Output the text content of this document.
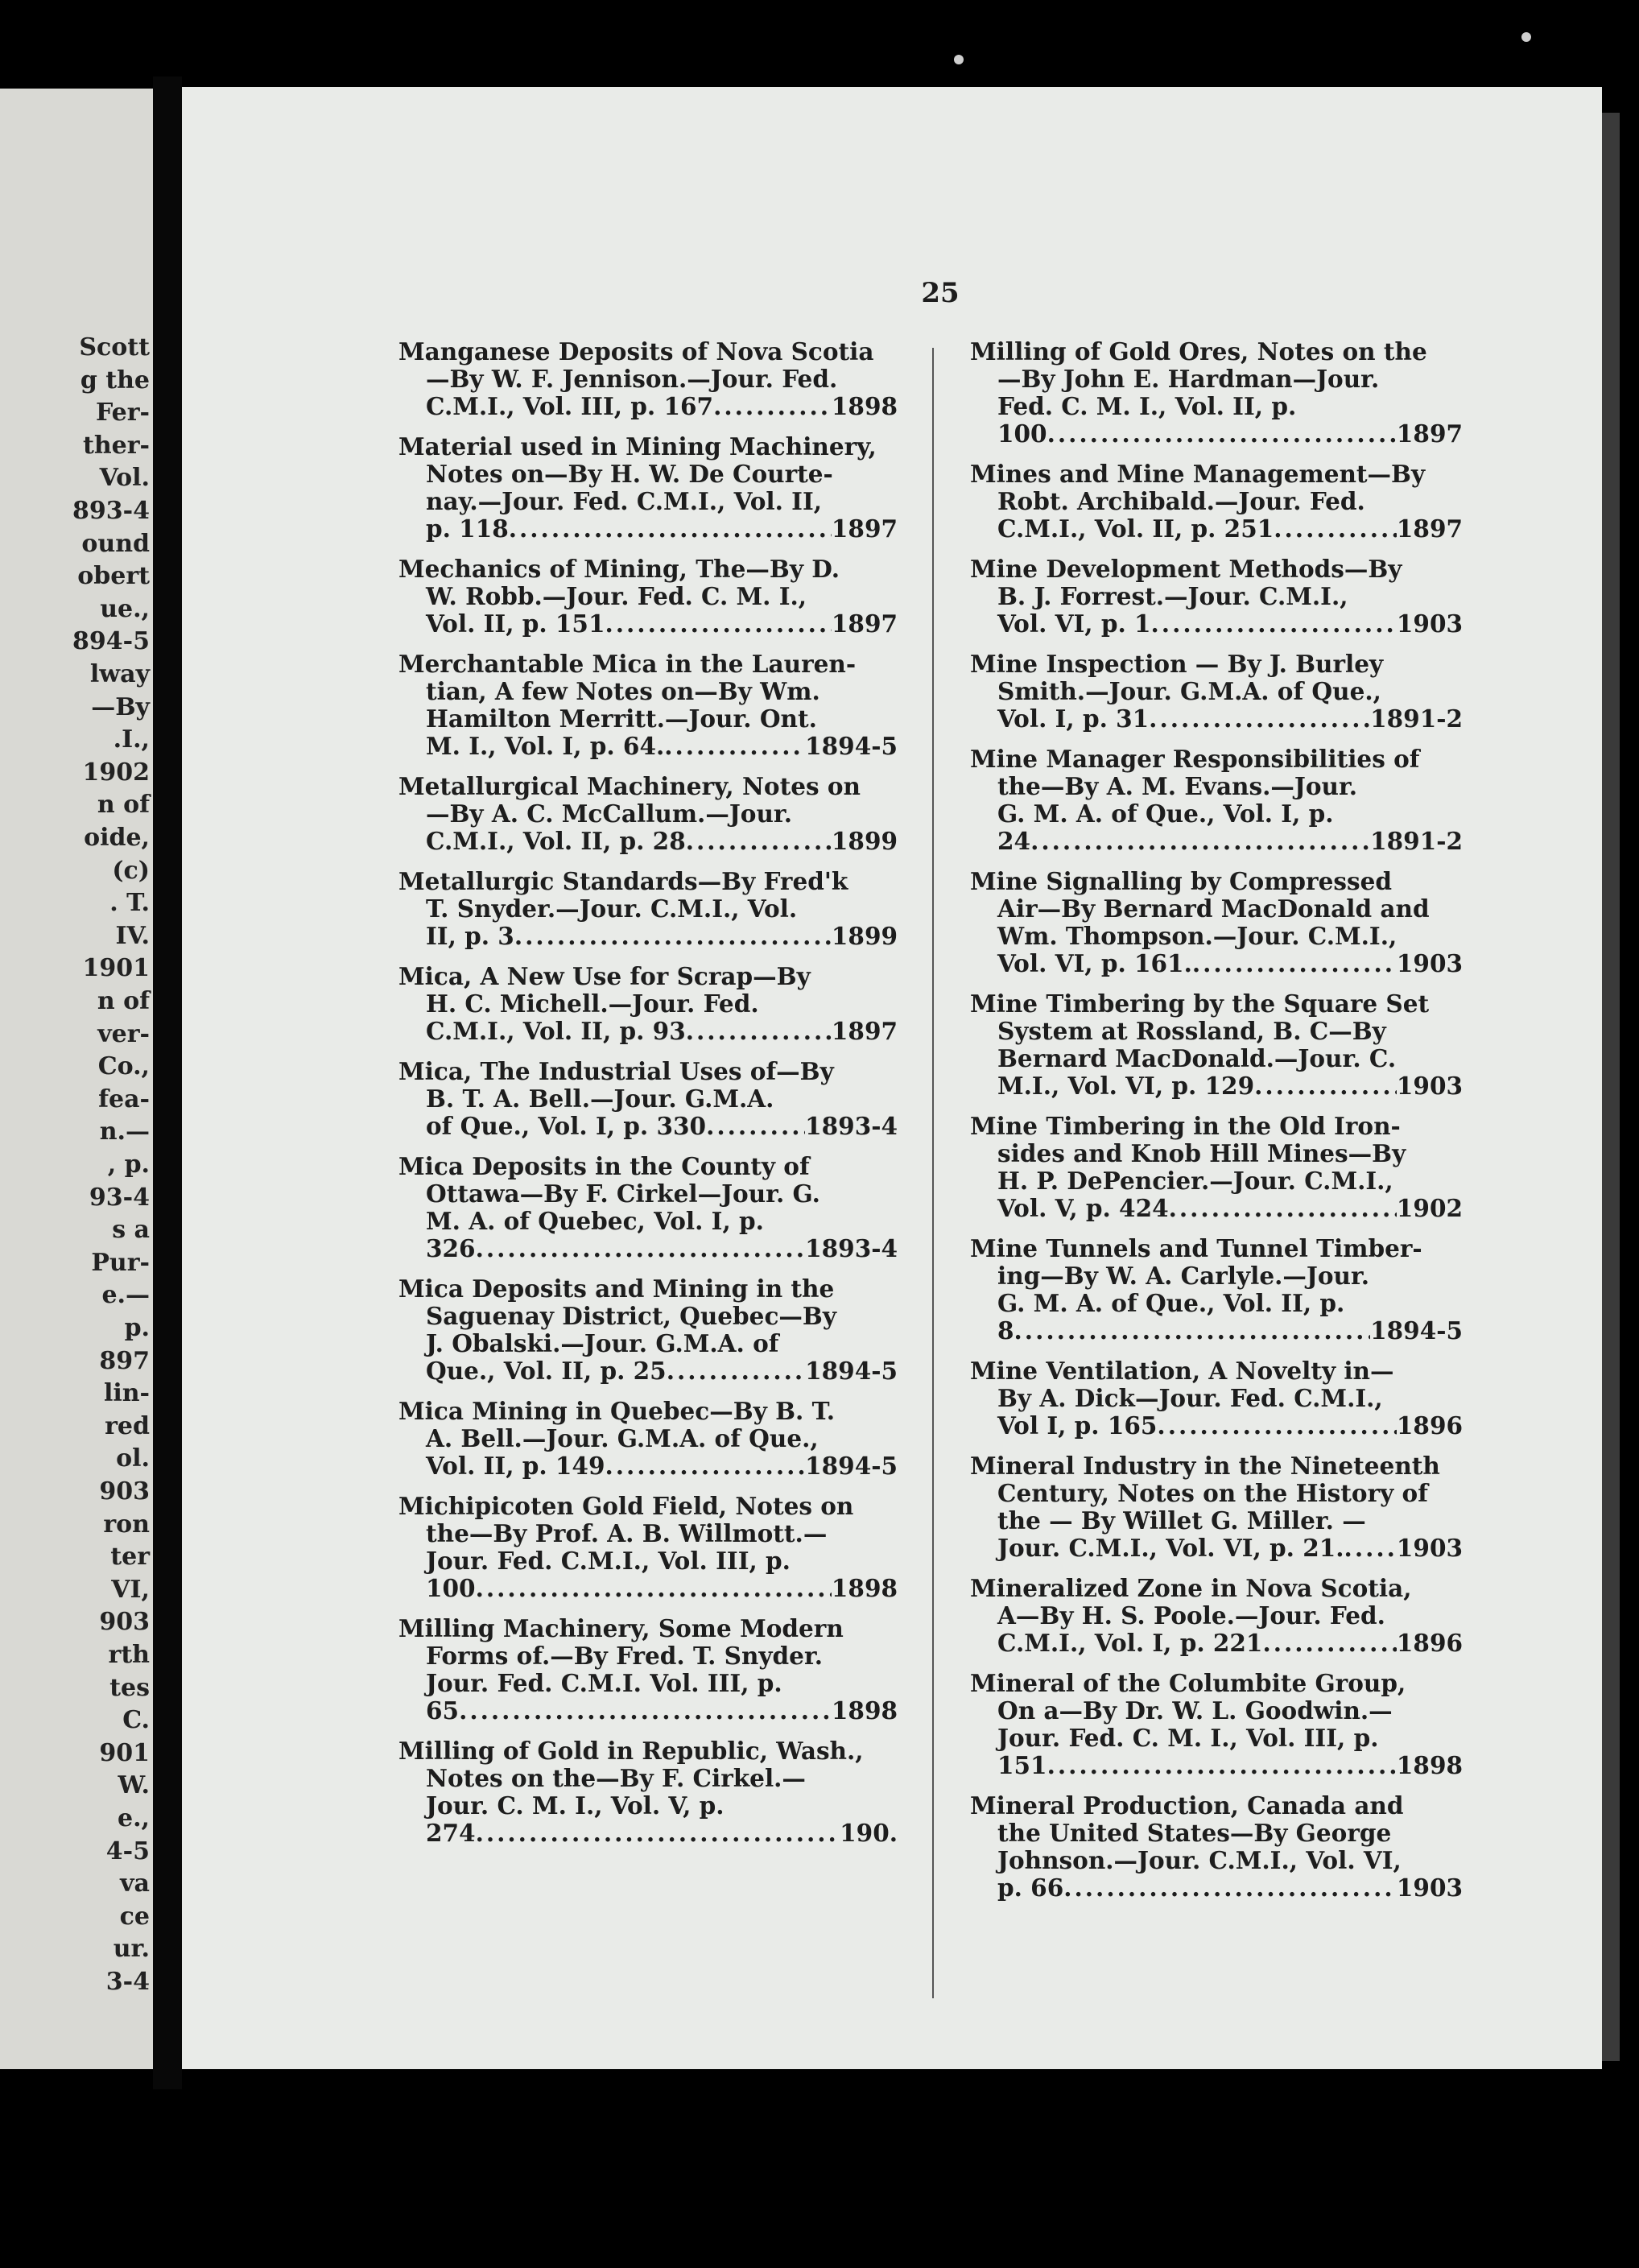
Scott
g the
Fer-
ther-
Vol.
893-4
ound
obert
ue.,
894-5
lway
—By
.I.,
1902
n of
oide,
(c)
. T.
IV.
1901
n of
ver-
Co.,
fea-
n.—
, p.
93-4
s a
Pur-
e.—
p.
897
lin-
red
ol.
903
ron
ter
VI,
903
rth
tes
C.
901
W.
e.,
4-5
va
ce
ur.
3-4
25
Manganese Deposits of Nova Scotia
—By W. F. Jennison.—Jour. Fed.
C.M.I., Vol. III, p. 167 .....	1898
Material used in Mining Machinery,
Notes on—By H. W. De Courte-
nay.—Jour. Fed. C.M.I., Vol. II,
p. 118 .....	1897
Mechanics of Mining, The—By D.
W. Robb.—Jour. Fed. C. M. I.,
Vol. II, p. 151 .....	1897
Merchantable Mica in the Lauren-
tian, A few Notes on—By Wm.
Hamilton Merritt.—Jour. Ont.
M. I., Vol. I, p. 64. .....	1894-5
Metallurgical Machinery, Notes on
—By A. C. McCallum.—Jour.
C.M.I., Vol. II, p. 28 .....	1899
Metallurgic Standards—By Fred'k
T. Snyder.—Jour. C.M.I., Vol.
II, p. 3 .....	1899
Mica, A New Use for Scrap—By
H. C. Michell.—Jour. Fed.
C.M.I., Vol. II, p. 93 .....	1897
Mica, The Industrial Uses of—By
B. T. A. Bell.—Jour. G.M.A.
of Que., Vol. I, p. 330 .....	1893-4
Mica Deposits in the County of
Ottawa—By F. Cirkel—Jour. G.
M. A. of Quebec, Vol. I, p.
326 .....	1893-4
Mica Deposits and Mining in the
Saguenay District, Quebec—By
J. Obalski.—Jour. G.M.A. of
Que., Vol. II, p. 25 .....	1894-5
Mica Mining in Quebec—By B. T.
A. Bell.—Jour. G.M.A. of Que.,
Vol. II, p. 149 .....	1894-5
Michipicoten Gold Field, Notes on
the—By Prof. A. B. Willmott.—
Jour. Fed. C.M.I., Vol. III, p.
100 .....	1898
Milling Machinery, Some Modern
Forms of.—By Fred. T. Snyder.
Jour. Fed. C.M.I. Vol. III, p.
65 .....	1898
Milling of Gold in Republic, Wash.,
Notes on the—By F. Cirkel.—
Jour. C. M. I., Vol. V, p.
274 .....	190.
Milling of Gold Ores, Notes on the
—By John E. Hardman—Jour.
Fed. C. M. I., Vol. II, p.
100 .....	1897
Mines and Mine Management—By
Robt. Archibald.—Jour. Fed.
C.M.I., Vol. II, p. 251 .....	1897
Mine Development Methods—By
B. J. Forrest.—Jour. C.M.I.,
Vol. VI, p. 1 .....	1903
Mine Inspection — By J. Burley
Smith.—Jour. G.M.A. of Que.,
Vol. I, p. 31 .....	1891-2
Mine Manager Responsibilities of
the—By A. M. Evans.—Jour.
G. M. A. of Que., Vol. I, p.
24 .....	1891-2
Mine Signalling by Compressed
Air—By Bernard MacDonald and
Wm. Thompson.—Jour. C.M.I.,
Vol. VI, p. 161. .....	1903
Mine Timbering by the Square Set
System at Rossland, B. C—By
Bernard MacDonald.—Jour. C.
M.I., Vol. VI, p. 129 .....	1903
Mine Timbering in the Old Iron-
sides and Knob Hill Mines—By
H. P. DePencier.—Jour. C.M.I.,
Vol. V, p. 424 .....	1902
Mine Tunnels and Tunnel Timber-
ing—By W. A. Carlyle.—Jour.
G. M. A. of Que., Vol. II, p.
8 .....	1894-5
Mine Ventilation, A Novelty in—
By A. Dick—Jour. Fed. C.M.I.,
Vol I, p. 165 .....	1896
Mineral Industry in the Nineteenth
Century, Notes on the History of
the — By Willet G. Miller. —
Jour. C.M.I., Vol. VI, p. 21. ..... 1903
Mineralized Zone in Nova Scotia,
A—By H. S. Poole.—Jour. Fed.
C.M.I., Vol. I, p. 221 .....	1896
Mineral of the Columbite Group,
On a—By Dr. W. L. Goodwin.—
Jour. Fed. C. M. I., Vol. III, p.
151 .....	1898
Mineral Production, Canada and
the United States—By George
Johnson.—Jour. C.M.I., Vol. VI,
p. 66 .....	1903
